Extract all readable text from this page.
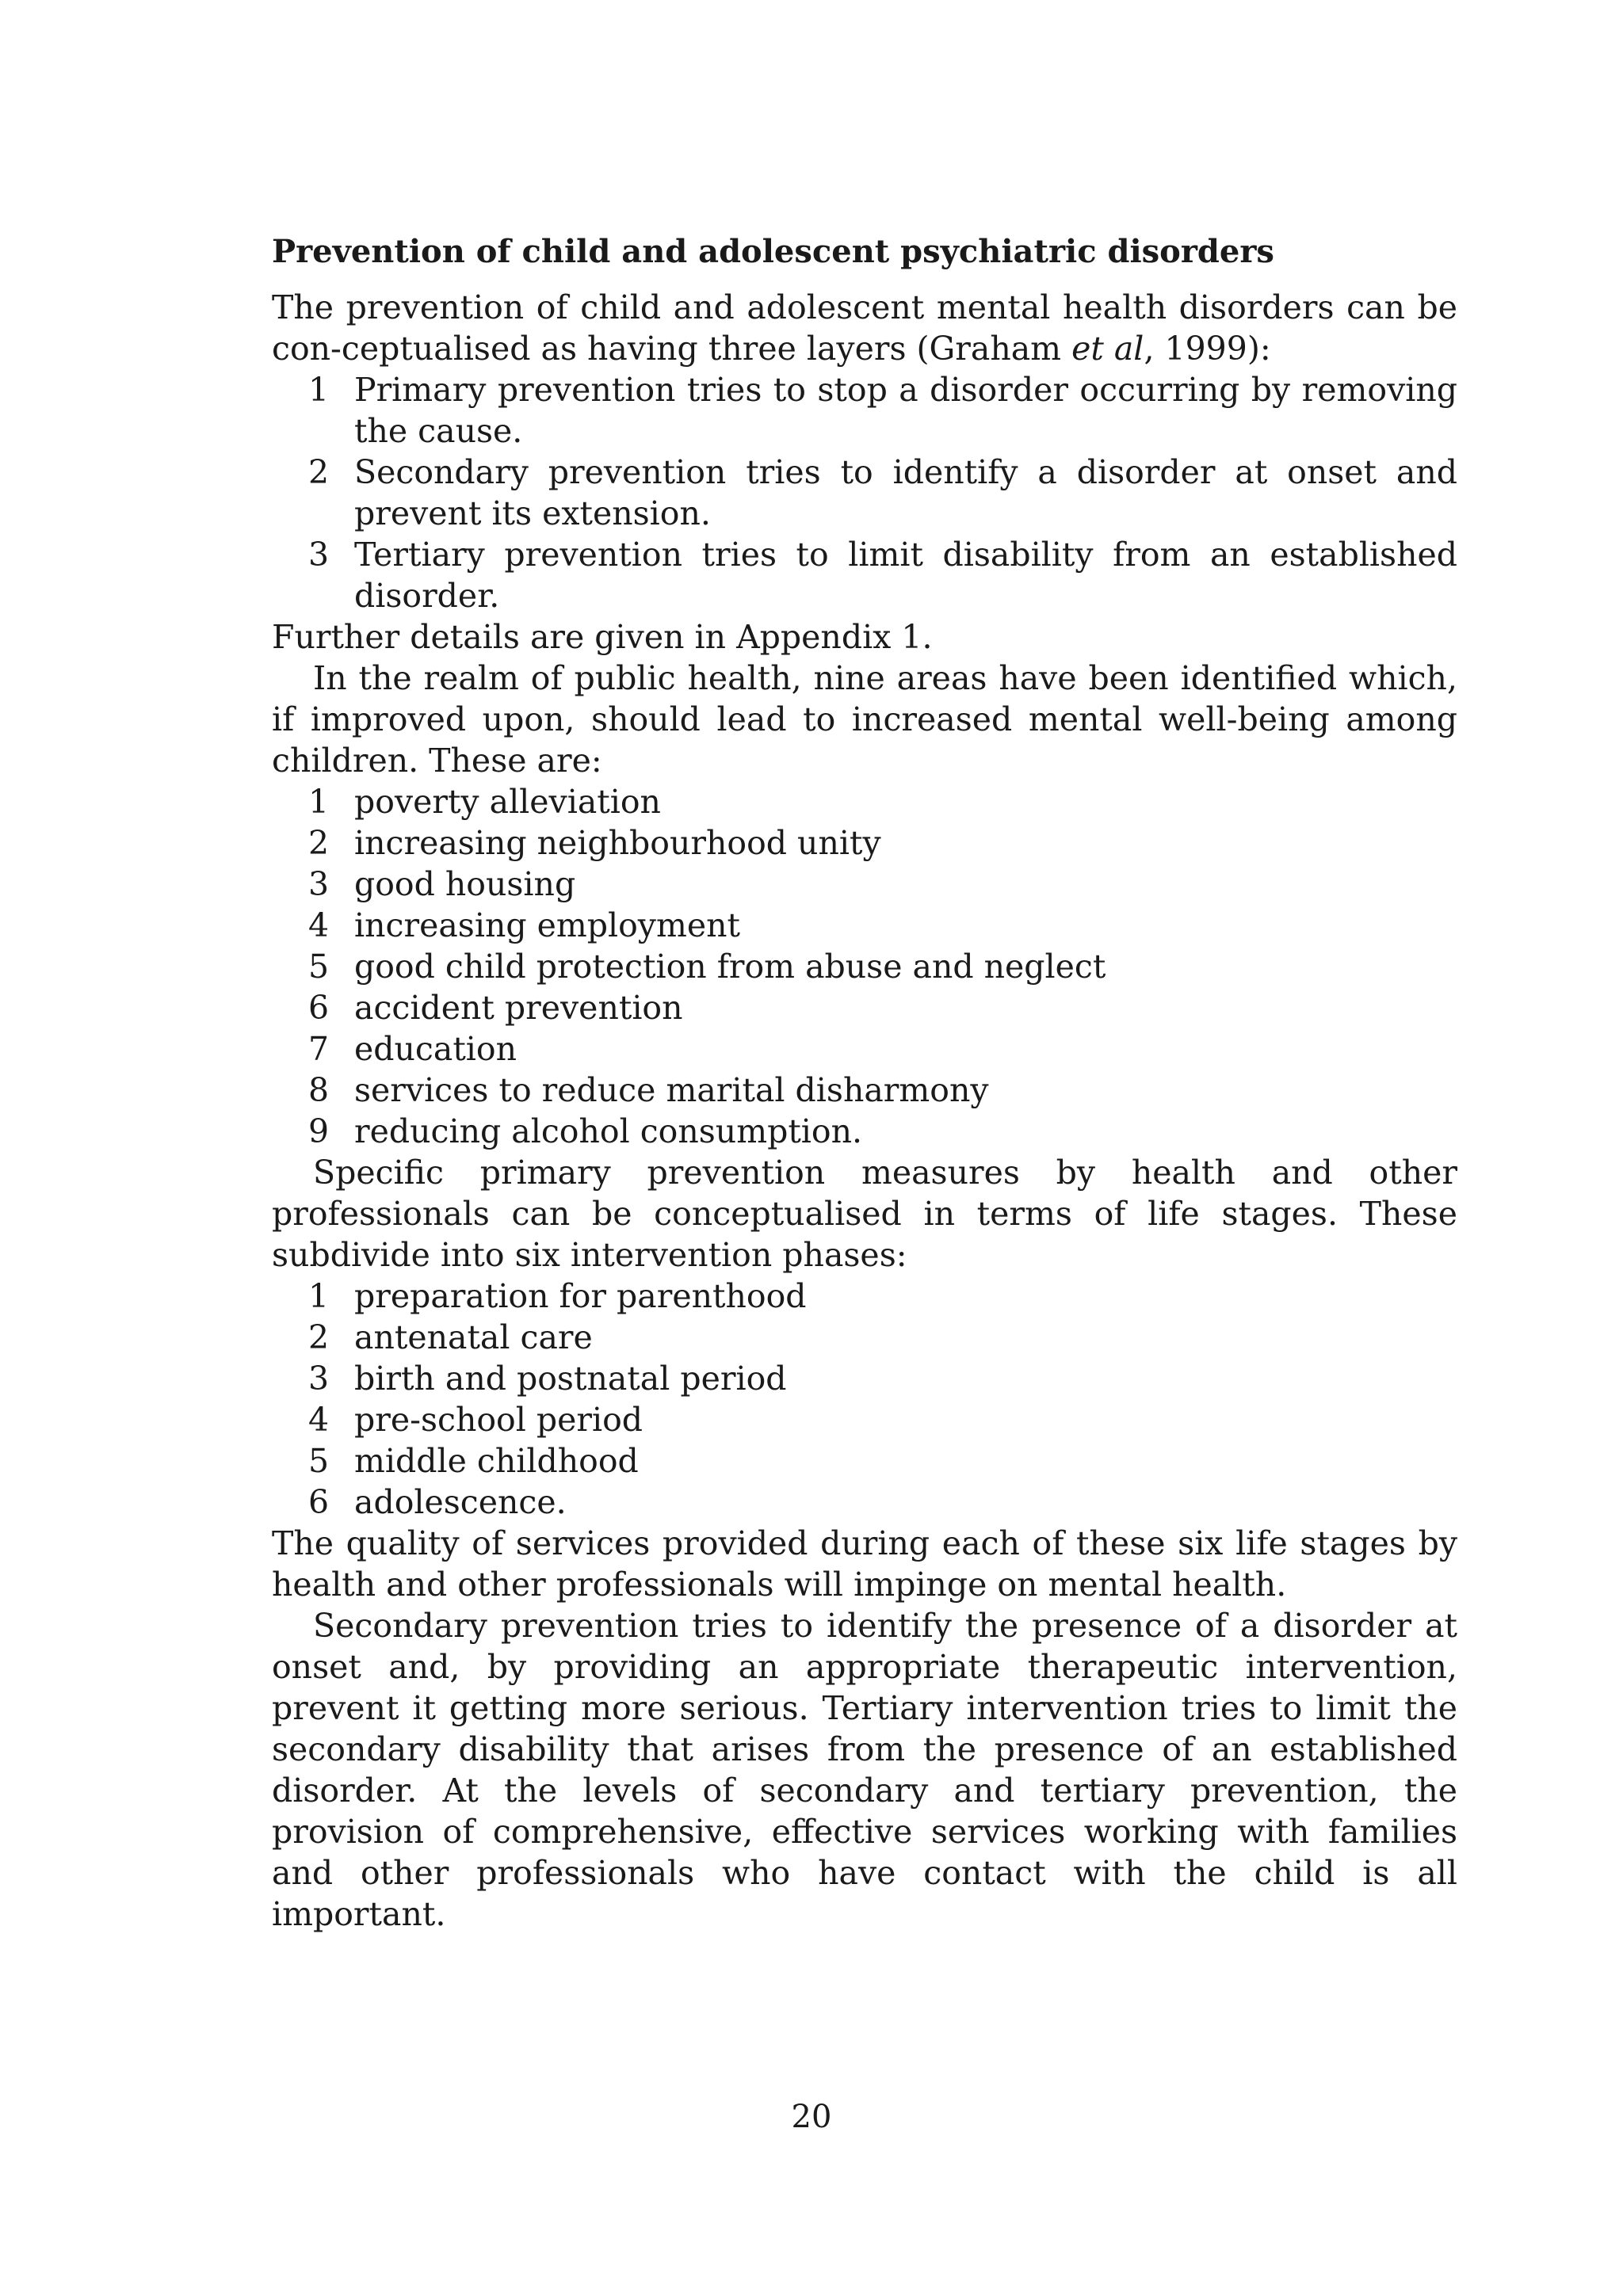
Prevention of child and adolescent psychiatric disorders

The prevention of child and adolescent mental health disorders can be con-ceptualised as having three layers (Graham et al, 1999):

1 Primary prevention tries to stop a disorder occurring by removing the cause.
2 Secondary prevention tries to identify a disorder at onset and prevent its extension.
3 Tertiary prevention tries to limit disability from an established disorder.

Further details are given in Appendix 1.

In the realm of public health, nine areas have been identified which, if improved upon, should lead to increased mental well-being among children. These are:

1 poverty alleviation
2 increasing neighbourhood unity
3 good housing
4 increasing employment
5 good child protection from abuse and neglect
6 accident prevention
7 education
8 services to reduce marital disharmony
9 reducing alcohol consumption.

Specific primary prevention measures by health and other professionals can be conceptualised in terms of life stages. These subdivide into six intervention phases:

1 preparation for parenthood
2 antenatal care
3 birth and postnatal period
4 pre-school period
5 middle childhood
6 adolescence.

The quality of services provided during each of these six life stages by health and other professionals will impinge on mental health.

Secondary prevention tries to identify the presence of a disorder at onset and, by providing an appropriate therapeutic intervention, prevent it getting more serious. Tertiary intervention tries to limit the secondary disability that arises from the presence of an established disorder. At the levels of secondary and tertiary prevention, the provision of comprehensive, effective services working with families and other professionals who have contact with the child is all important.

20
